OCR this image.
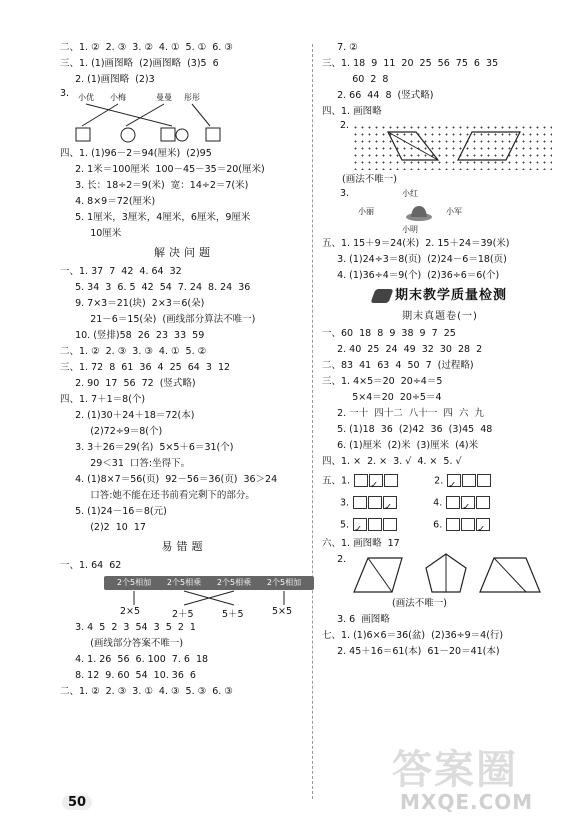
二、1. ②  2. ③  3. ②  4. ①  5. ①  6. ③
三、1. (1)画图略  (2)画图略  (3)5  6
2. (1)画图略  (2)3
3. 小优 小梅	曼曼 彤彤
四、1. (1)96－2＝94(厘米)  (2)95
2. 1米＝100厘米  100－45－35＝20(厘米)
3. 长：18÷2＝9(米)  宽：14÷2＝7(米)
4. 8×9＝72(厘米)
5. 1厘米，3厘米，4厘米，6厘米，9厘米
10厘米
解决问题
一、1. 37  7  42  4. 64  32
5. 34  3  6. 5  42  54  7. 24  8. 24  36
9. 7×3＝21(块)  2×3＝6(朵)
21－6＝15(朵)  (画线部分算法不唯一)
10. (竖排)58  26  23  33  59
二、1. ②  2. ③  3. ③  4. ①  5. ②
三、1. 72  8  61  36  4  25  64  3  12
2. 90  17  56  72  (竖式略)
四、1. 7＋1＝8(个)
2. (1)30＋24＋18＝72(本)
(2)72÷9＝8(个)
3. 3＋26＝29(名)  5×5＋6＝31(个)
29＜31  口答:坐得下。
4. (1)8×7＝56(页)  92－56＝36(页)  36＞24
口答:她不能在还书前看完剩下的部分。
5. (1)24－16＝8(元)
(2)2  10  17
易错题
一、1. 64  62
2个5相加	2个5相乘	2个5相乘	2个5相加
2×5	2＋5	5＋5	5×5
3. 4  5  2  3  54  3  5  2  1
(画线部分答案不唯一)
4. 1. 26  56  6. 100  7. 6  18
8. 12  9. 60  54  10. 36  6
二、1. ②  2. ③  3. ①  4. ③  5. ③  6. ③
7. ②
三、1. 18  9  11  20  25  56  75  6  35
60  2  8
2. 66  44  8  (竖式略)
四、1. 画图略
2.
(画法不唯一)
3.	小红
小丽	小军
小明
五、1. 15＋9＝24(米)  2. 15＋24＝39(米)
3. (1)24÷3＝8(页)  (2)24－6＝18(页)
4. (1)36÷4＝9(个)  (2)36÷6＝6(个)
期末教学质量检测
期末真题卷(一)
一、60  18  8  9  38  9  7  25
2. 40  25  24  49  32  30  28  2
二、83  41  63  4  50  7  (过程略)
三、1. 4×5＝20  20÷4＝5
5×4＝20  20÷5＝4
2. 一十  四十二  八十一  四  六  九
5. (1)18  36  (2)42  36  (3)45  48
6. (1)厘米  (2)米  (3)厘米  (4)米
四、1. ×  2. ×  3. √  4. ×  5. √
五、1. ✓	2. ✓
3.	✓	4. ✓
5. ✓	6.	✓
六、1. 画图略  17
2.
(画法不唯一)
3. 6  画图略
七、1. (1)6×6＝36(盆)  (2)36÷9＝4(行)
2. 45＋16＝61(本)  61－20＝41(本)
50
答案圈
MXQE.COM
